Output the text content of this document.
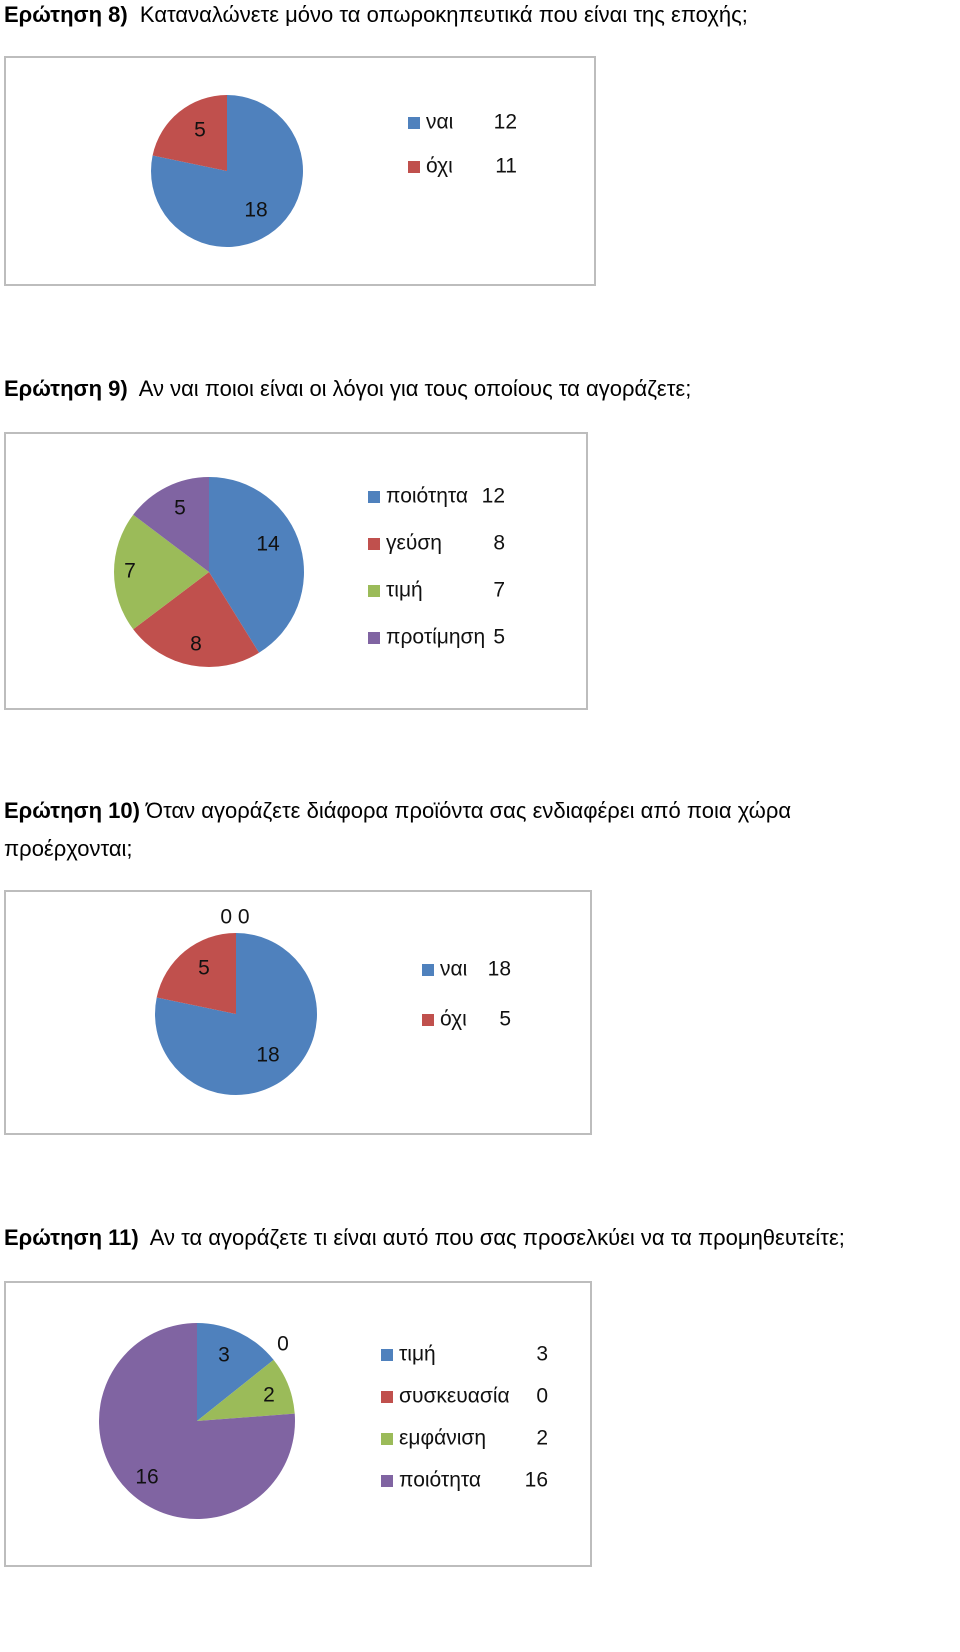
Ερώτηση 8) Καταναλώνετε μόνο τα οπωροκηπευτικά που είναι της εποχής;

18
5	ναι 12
όχι 11

Ερώτηση 9) Αν ναι ποιοι είναι οι λόγοι για τους οποίους τα αγοράζετε;

14
8
7
5
ποιότητα 12
γεύση 8
τιμή	7
προτίμηση 5

Ερώτηση 10) Όταν αγοράζετε διάφορα προϊόντα σας ενδιαφέρει από ποια χώρα
προέρχονται;

18
5
0 0
ναι 18
όχι 5

Ερώτηση 11) Αν τα αγοράζετε τι είναι αυτό που σας προσελκύει να τα προμηθευτείτε;

3 0
2
16
τιμή	3
συσκευασία 0
εμφάνιση 2
ποιότητα 16
